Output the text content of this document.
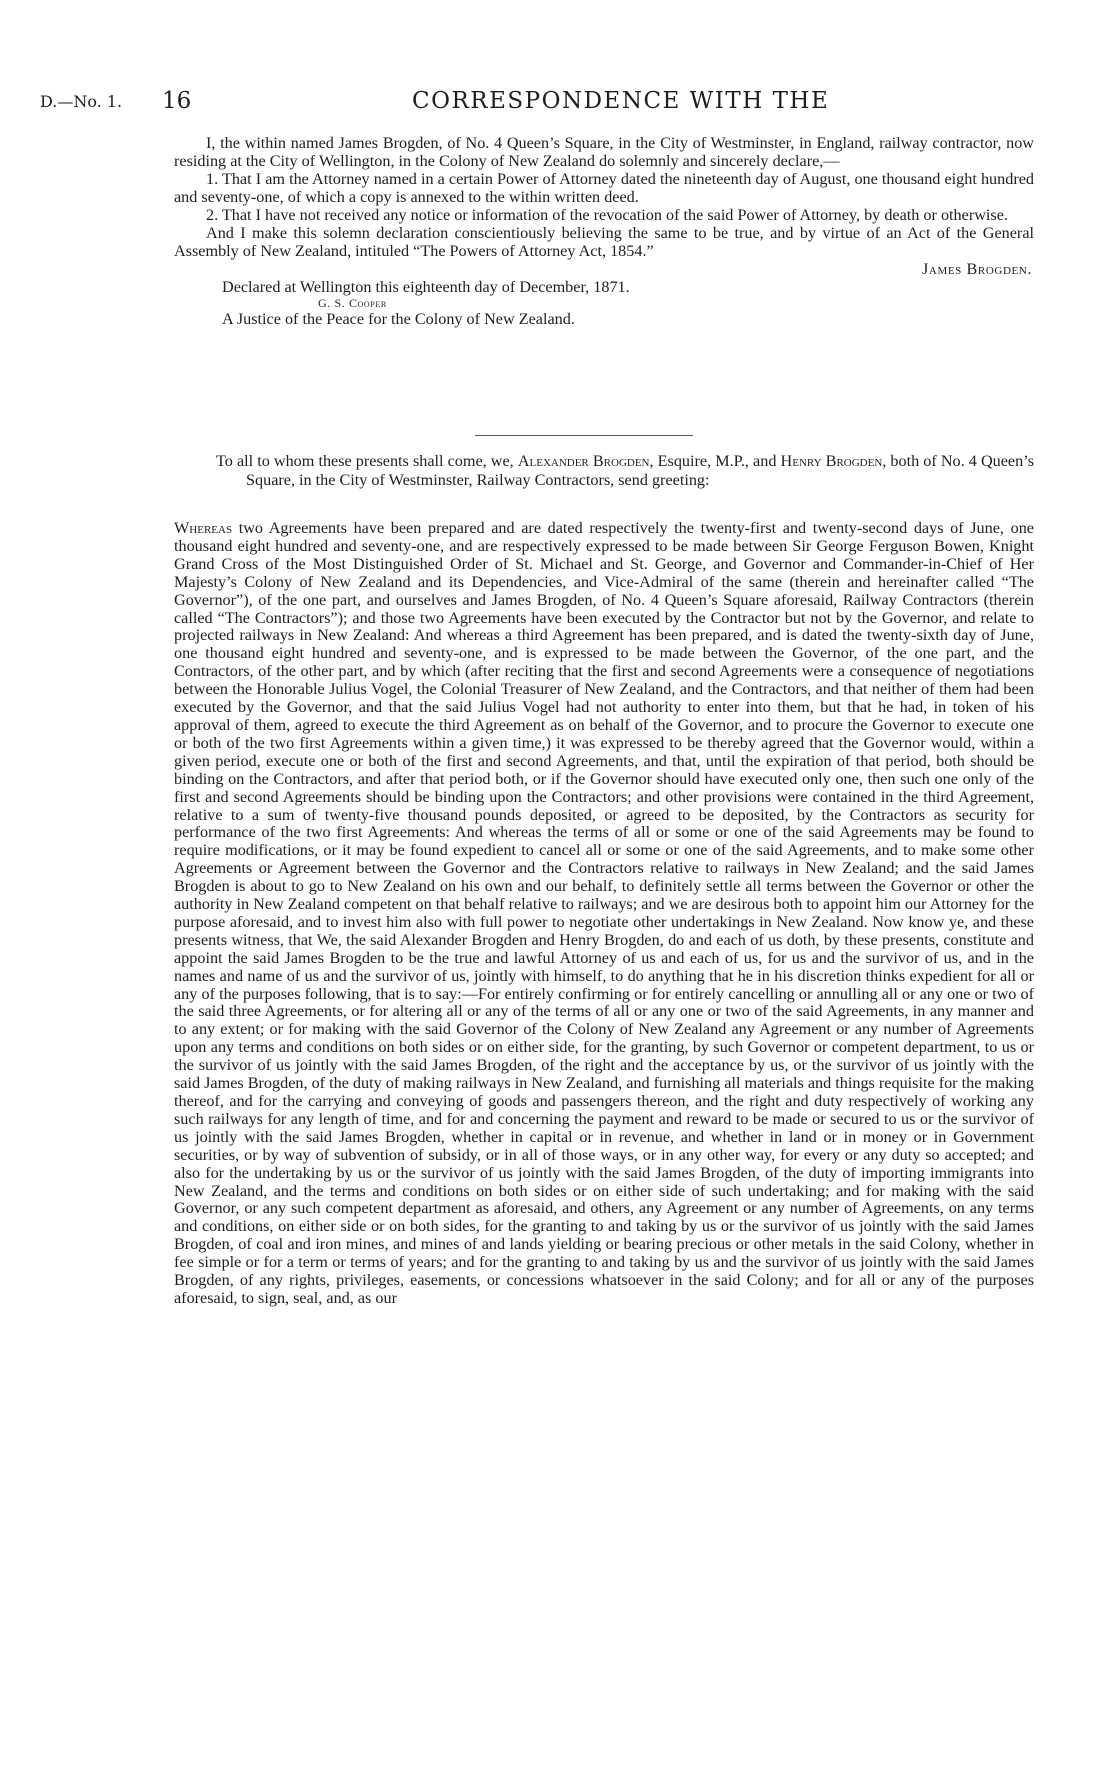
D.—No. 1. 16	CORRESPONDENCE WITH THE

I, the within named James Brogden, of No. 4 Queen’s Square, in the City of Westminster, in England, railway contractor, now residing at the City of Wellington, in the Colony of New Zealand do solemnly and sincerely declare,—

1. That I am the Attorney named in a certain Power of Attorney dated the nineteenth day of August, one thousand eight hundred and seventy-one, of which a copy is annexed to the within written deed.

2. That I have not received any notice or information of the revocation of the said Power of Attorney, by death or otherwise.

And I make this solemn declaration conscientiously believing the same to be true, and by virtue of an Act of the General Assembly of New Zealand, intituled “The Powers of Attorney Act, 1854.”

James Brogden.

Declared at Wellington this eighteenth day of December, 1871.

G. S. Cooper

A Justice of the Peace for the Colony of New Zealand.

To all to whom these presents shall come, we, Alexander Brogden, Esquire, M.P., and Henry Brogden, both of No. 4 Queen’s Square, in the City of Westminster, Railway Contractors, send greeting:

Whereas two Agreements have been prepared and are dated respectively the twenty-first and twenty-second days of June, one thousand eight hundred and seventy-one, and are respectively expressed to be made between Sir George Ferguson Bowen, Knight Grand Cross of the Most Distinguished Order of St. Michael and St. George, and Governor and Commander-in-Chief of Her Majesty’s Colony of New Zealand and its Dependencies, and Vice-Admiral of the same (therein and hereinafter called “The Governor”), of the one part, and ourselves and James Brogden, of No. 4 Queen’s Square aforesaid, Railway Contractors (therein called “The Contractors”); and those two Agreements have been executed by the Contractor but not by the Governor, and relate to projected railways in New Zealand: And whereas a third Agreement has been prepared, and is dated the twenty-sixth day of June, one thousand eight hundred and seventy-one, and is expressed to be made between the Governor, of the one part, and the Contractors, of the other part, and by which (after reciting that the first and second Agreements were a consequence of negotiations between the Honorable Julius Vogel, the Colonial Treasurer of New Zealand, and the Contractors, and that neither of them had been executed by the Governor, and that the said Julius Vogel had not authority to enter into them, but that he had, in token of his approval of them, agreed to execute the third Agreement as on behalf of the Governor, and to procure the Governor to execute one or both of the two first Agreements within a given time,) it was expressed to be thereby agreed that the Governor would, within a given period, execute one or both of the first and second Agreements, and that, until the expiration of that period, both should be binding on the Contractors, and after that period both, or if the Governor should have executed only one, then such one only of the first and second Agreements should be binding upon the Contractors; and other provisions were contained in the third Agreement, relative to a sum of twenty-five thousand pounds deposited, or agreed to be deposited, by the Contractors as security for performance of the two first Agreements: And whereas the terms of all or some or one of the said Agreements may be found to require modifications, or it may be found expedient to cancel all or some or one of the said Agreements, and to make some other Agreements or Agreement between the Governor and the Contractors relative to railways in New Zealand; and the said James Brogden is about to go to New Zealand on his own and our behalf, to definitely settle all terms between the Governor or other the authority in New Zealand competent on that behalf relative to railways; and we are desirous both to appoint him our Attorney for the purpose aforesaid, and to invest him also with full power to negotiate other undertakings in New Zealand. Now know ye, and these presents witness, that We, the said Alexander Brogden and Henry Brogden, do and each of us doth, by these presents, constitute and appoint the said James Brogden to be the true and lawful Attorney of us and each of us, for us and the survivor of us, and in the names and name of us and the survivor of us, jointly with himself, to do anything that he in his discretion thinks expedient for all or any of the purposes following, that is to say:—For entirely confirming or for entirely cancelling or annulling all or any one or two of the said three Agreements, or for altering all or any of the terms of all or any one or two of the said Agreements, in any manner and to any extent; or for making with the said Governor of the Colony of New Zealand any Agreement or any number of Agreements upon any terms and conditions on both sides or on either side, for the granting, by such Governor or competent department, to us or the survivor of us jointly with the said James Brogden, of the right and the acceptance by us, or the survivor of us jointly with the said James Brogden, of the duty of making railways in New Zealand, and furnishing all materials and things requisite for the making thereof, and for the carrying and conveying of goods and passengers thereon, and the right and duty respectively of working any such railways for any length of time, and for and concerning the payment and reward to be made or secured to us or the survivor of us jointly with the said James Brogden, whether in capital or in revenue, and whether in land or in money or in Government securities, or by way of subvention of subsidy, or in all of those ways, or in any other way, for every or any duty so accepted; and also for the undertaking by us or the survivor of us jointly with the said James Brogden, of the duty of importing immigrants into New Zealand, and the terms and conditions on both sides or on either side of such undertaking; and for making with the said Governor, or any such competent department as aforesaid, and others, any Agreement or any number of Agreements, on any terms and conditions, on either side or on both sides, for the granting to and taking by us or the survivor of us jointly with the said James Brogden, of coal and iron mines, and mines of and lands yielding or bearing precious or other metals in the said Colony, whether in fee simple or for a term or terms of years; and for the granting to and taking by us and the survivor of us jointly with the said James Brogden, of any rights, privileges, easements, or concessions whatsoever in the said Colony; and for all or any of the purposes aforesaid, to sign, seal, and, as our
